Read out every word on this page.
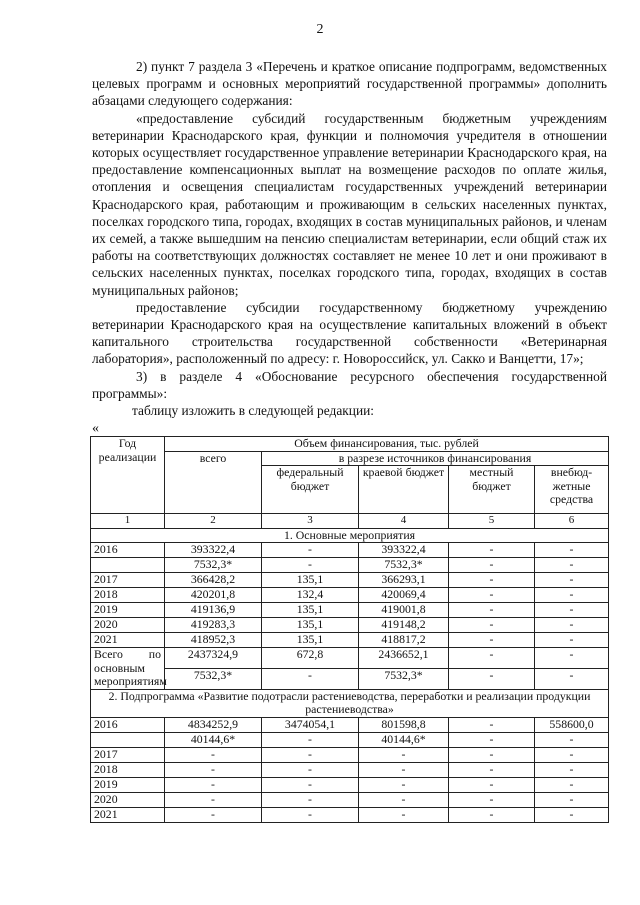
2

2) пункт 7 раздела 3 «Перечень и краткое описание подпрограмм, ведомственных целевых программ и основных мероприятий государственной программы» дополнить абзацами следующего содержания:

«предоставление субсидий государственным бюджетным учреждениям ветеринарии Краснодарского края, функции и полномочия учредителя в отношении которых осуществляет государственное управление ветеринарии Краснодарского края, на предоставление компенсационных выплат на возмещение расходов по оплате жилья, отопления и освещения специалистам государственных учреждений ветеринарии Краснодарского края, работающим и проживающим в сельских населенных пунктах, поселках городского типа, городах, входящих в состав муниципальных районов, и членам их семей, а также вышедшим на пенсию специалистам ветеринарии, если общий стаж их работы на соответствующих должностях составляет не менее 10 лет и они проживают в сельских населенных пунктах, поселках городского типа, городах, входящих в состав муниципальных районов;

предоставление субсидии государственному бюджетному учреждению ветеринарии Краснодарского края на осуществление капитальных вложений в объект капитального строительства государственной собственности «Ветеринарная лаборатория», расположенный по адресу: г. Новороссийск, ул. Сакко и Ванцетти, 17»;

3) в разделе 4 «Обоснование ресурсного обеспечения государственной программы»:

таблицу изложить в следующей редакции:

«
Год реализации	Объем финансирования, тыс. рублей				
	всего	в разрезе источников финансирования			
		федеральный бюджет	краевой бюджет	местный бюджет	внебюд-жетные средства
1	2	3	4	5	6
1. Основные мероприятия					
2016	393322,4	-	393322,4	-	-
	7532,3*	-	7532,3*	-	-
2017	366428,2	135,1	366293,1	-	-
2018	420201,8	132,4	420069,4	-	-
2019	419136,9	135,1	419001,8	-	-
2020	419283,3	135,1	419148,2	-	-
2021	418952,3	135,1	418817,2	-	-
Всего по основным мероприятиям	2437324,9	672,8	2436652,1	-	-
	7532,3*	-	7532,3*	-	-
2. Подпрограмма «Развитие подотрасли растениеводства, переработки и реализации продукции растениеводства»					
2016	4834252,9	3474054,1	801598,8	-	558600,0
	40144,6*	-	40144,6*	-	-
2017	-	-	-	-	-
2018	-	-	-	-	-
2019	-	-	-	-	-
2020	-	-	-	-	-
2021	-	-	-	-	-
